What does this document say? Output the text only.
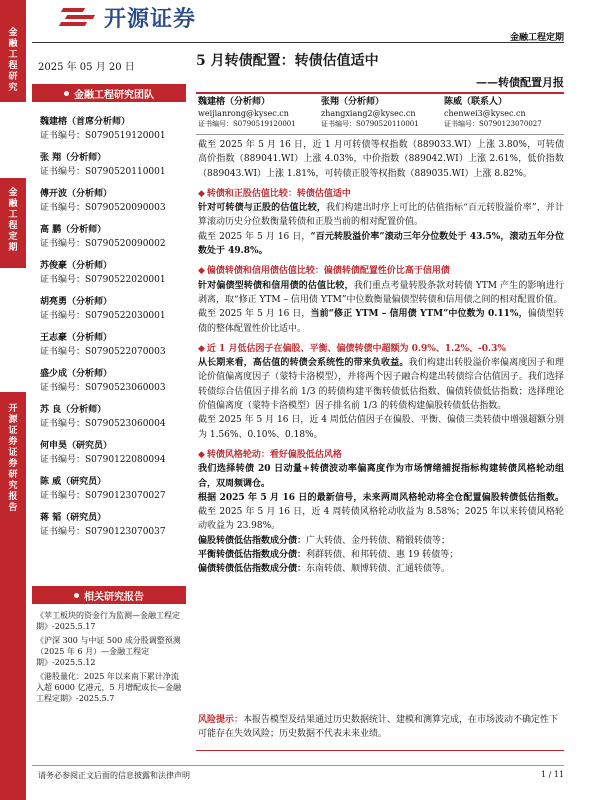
金融工程研究
金融工程定期
开源证券 证券研究报告
开源证券
金融工程定期
2025 年 05 月 20 日
金融工程研究团队
魏建榕（首席分析师）
证书编号：S0790519120001
张 翔（分析师）
证书编号：S0790520110001
傅开波（分析师）
证书编号：S0790520090003
高 鹏（分析师）
证书编号：S0790520090002
苏俊豪（分析师）
证书编号：S0790522020001
胡亮勇（分析师）
证书编号：S0790522030001
王志豪（分析师）
证书编号：S0790522070003
盛少成（分析师）
证书编号：S0790523060003
苏 良（分析师）
证书编号：S0790523060004
何申昊（研究员）
证书编号：S0790122080094
陈 威（研究员）
证书编号：S0790123070027
蒋 韬（研究员）
证书编号：S0790123070037
相关研究报告

《苹工板块的资金行为监测—金融工程定期》-2025.5.17

《沪深 300 与中证 500 成分股调整预测（2025 年 6 月）—金融工程定期》-2025.5.12

《港股量化：2025 年以来南下累计净流入超 6000 亿港元，5 月增配成长—金融工程定期》-2025.5.7

5 月转债配置：转债估值适中
——转债配置月报
魏建榕（分析师）
weijianrong@kysec.cn
证书编号：S0790519120001
张翔（分析师）
zhangxiang2@kysec.cn
证书编号：S0790520110001
陈威（联系人）
chenwei3@kysec.cn
证书编号：S0790123070027

截至 2025 年 5 月 16 日，近 1 月可转债等权指数（889033.WI）上涨 3.80%，可转债高价指数（889041.WI）上涨 4.03%，中价指数（889042.WI）上涨 2.61%，低价指数（889043.WI）上涨 1.81%，可转债正股等权指数（889035.WI）上涨 8.82%。

◆ 转债和正股估值比较：转债估值适中

针对可转债与正股的估值比较，我们构建出时序上可比的估值指标“百元转股溢价率”，并计算滚动历史分位数衡量转债和正股当前的相对配置价值。

截至 2025 年 5 月 16 日，“百元转股溢价率”滚动三年分位数处于 43.5%，滚动五年分位数处于 49.8%。

◆ 偏债转债和信用债估值比较：偏债转债配置性价比高于信用债

针对偏债型转债和信用债的估值比较，我们重点考量转股条款对转债 YTM 产生的影响进行剥离，取“修正 YTM – 信用债 YTM”中位数衡量偏债型转债和信用债之间的相对配置价值。

截至 2025 年 5 月 16 日，当前“修正 YTM – 信用债 YTM”中位数为 0.11%，偏债型转债的整体配置性价比适中。

◆ 近 1 月低估因子在偏股、平衡、偏债转债中超额为 0.9%、1.2%、-0.3%

从长期来看，高估值的转债会系统性的带来负收益。我们构建出转股溢价率偏离度因子和理论价值偏离度因子（蒙特卡洛模型），并将两个因子融合构建出转债综合估值因子。我们选择转债综合估值因子排名前 1/3 的转债构建平衡转债低估指数、偏债转债低估指数；选择理论价值偏离度（蒙特卡洛模型）因子排名前 1/3 的转债构建偏股转债低估指数。

截至 2025 年 5 月 16 日，近 4 周低估值因子在偏股、平衡、偏债三类转债中增强超额分别为 1.56%、0.10%、0.18%。

◆ 转债风格轮动：看好偏股低估风格

我们选择转债 20 日动量+转债波动率偏离度作为市场情绪捕捉指标构建转债风格轮动组合，双周频调仓。

根据 2025 年 5 月 16 日的最新信号，未来两周风格轮动将全仓配置偏股转债低估指数。截至 2025 年 5 月 16 日，近 4 周转债风格轮动收益为 8.58%；2025 年以来转债风格轮动收益为 23.98%。

偏股转债低估指数成分债：广大转债、金丹转债、精锻转债等；

平衡转债低估指数成分债：利群转债、和邦转债、惠 19 转债等；

偏债转债低估指数成分债：东南转债、顺博转债、汇通转债等。

风险提示：本报告模型及结果通过历史数据统计、建模和测算完成，在市场波动不确定性下可能存在失效风险；历史数据不代表未来业绩。
请务必参阅正文后面的信息披露和法律声明	1 / 11
